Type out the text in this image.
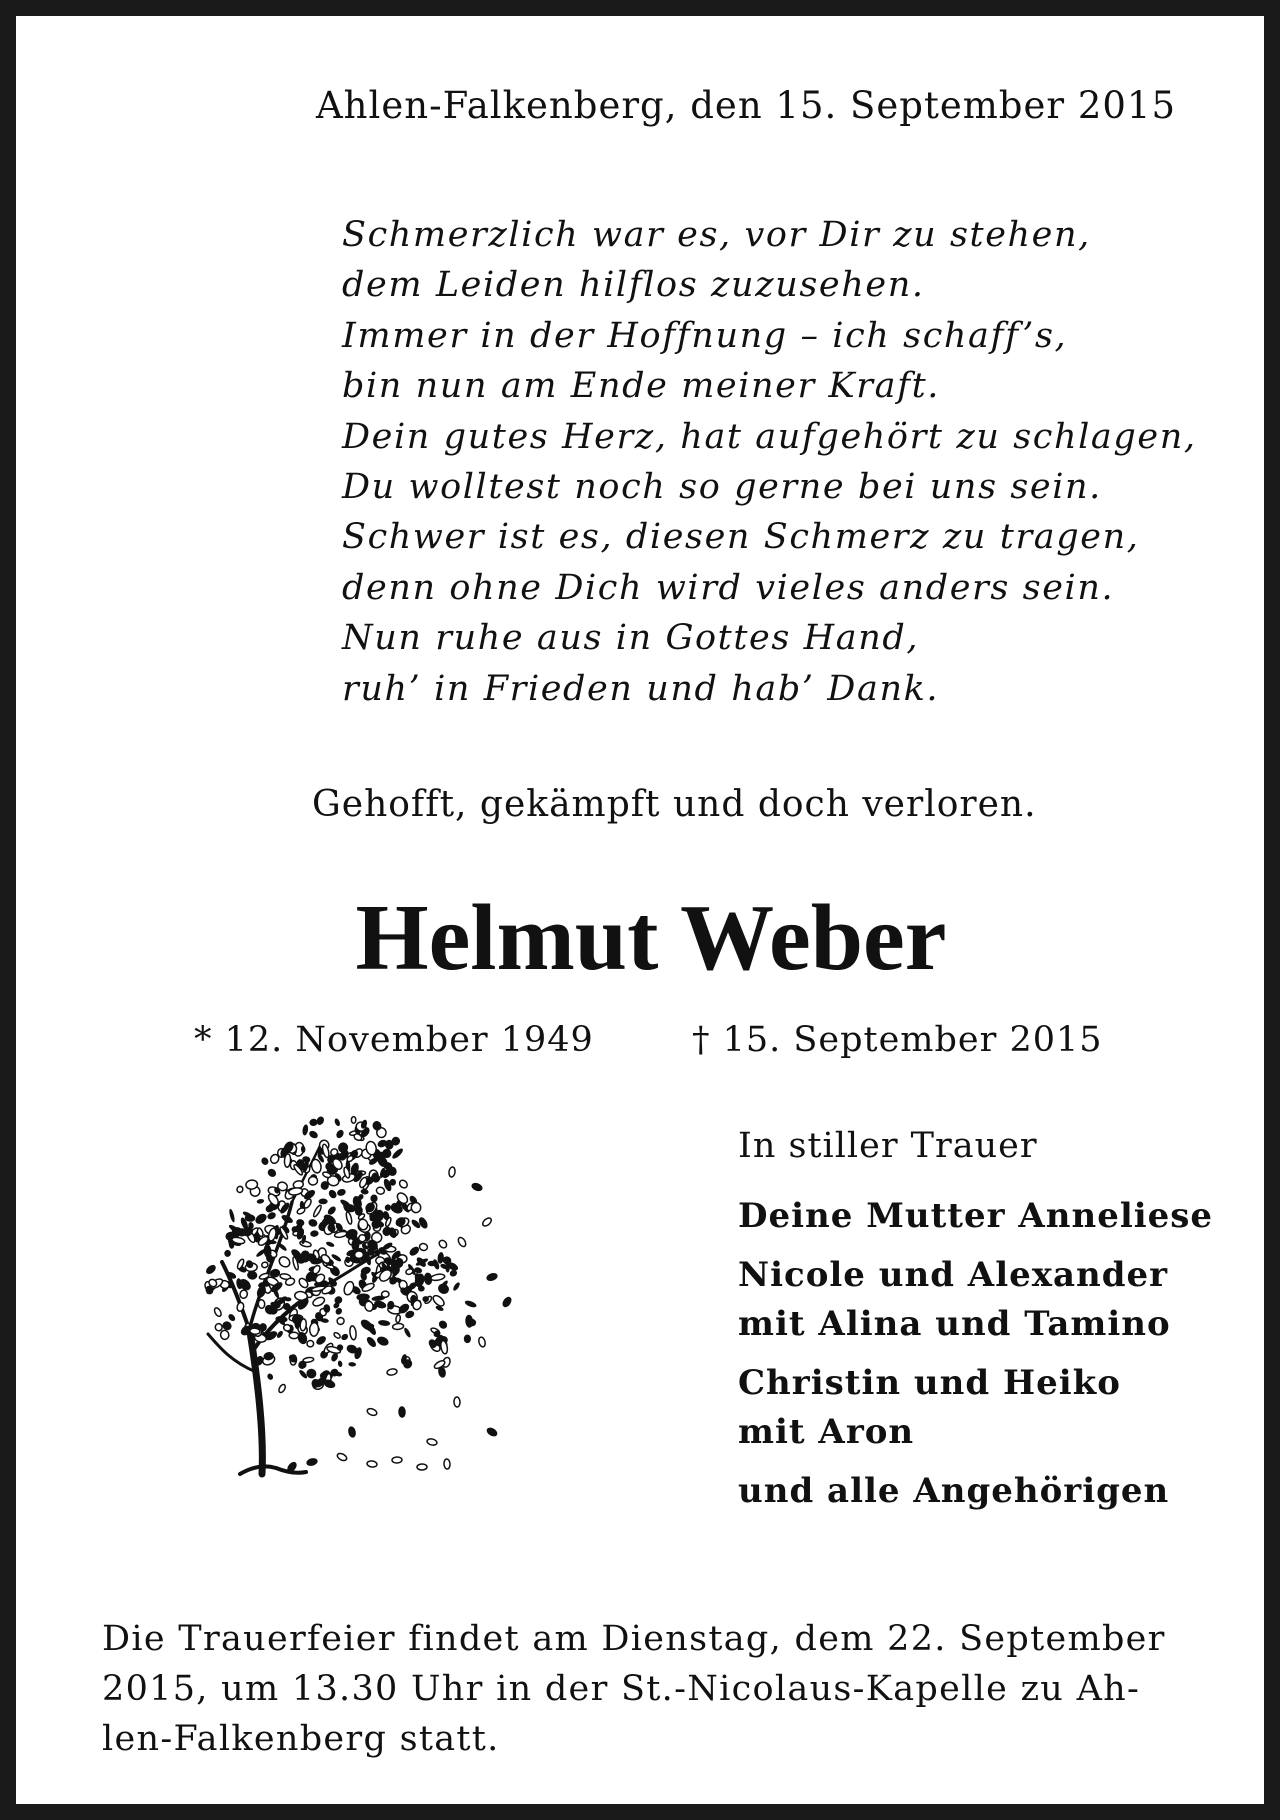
Ahlen-Falkenberg, den 15. September 2015
Schmerzlich war es, vor Dir zu stehen,
dem Leiden hilflos zuzusehen.
Immer in der Hoffnung – ich schaff’s,
bin nun am Ende meiner Kraft.
Dein gutes Herz, hat aufgehört zu schlagen,
Du wolltest noch so gerne bei uns sein.
Schwer ist es, diesen Schmerz zu tragen,
denn ohne Dich wird vieles anders sein.
Nun ruhe aus in Gottes Hand,
ruh’ in Frieden und hab’ Dank.
Gehofft, gekämpft und doch verloren.
Helmut Weber
* 12. November 1949	† 15. September 2015
In stiller Trauer
Deine Mutter Anneliese
Nicole und Alexander
mit Alina und Tamino
Christin und Heiko
mit Aron
und alle Angehörigen
Die Trauerfeier findet am Dienstag, dem 22. September
2015, um 13.30 Uhr in der St.-Nicolaus-Kapelle zu Ah-
len-Falkenberg statt.
